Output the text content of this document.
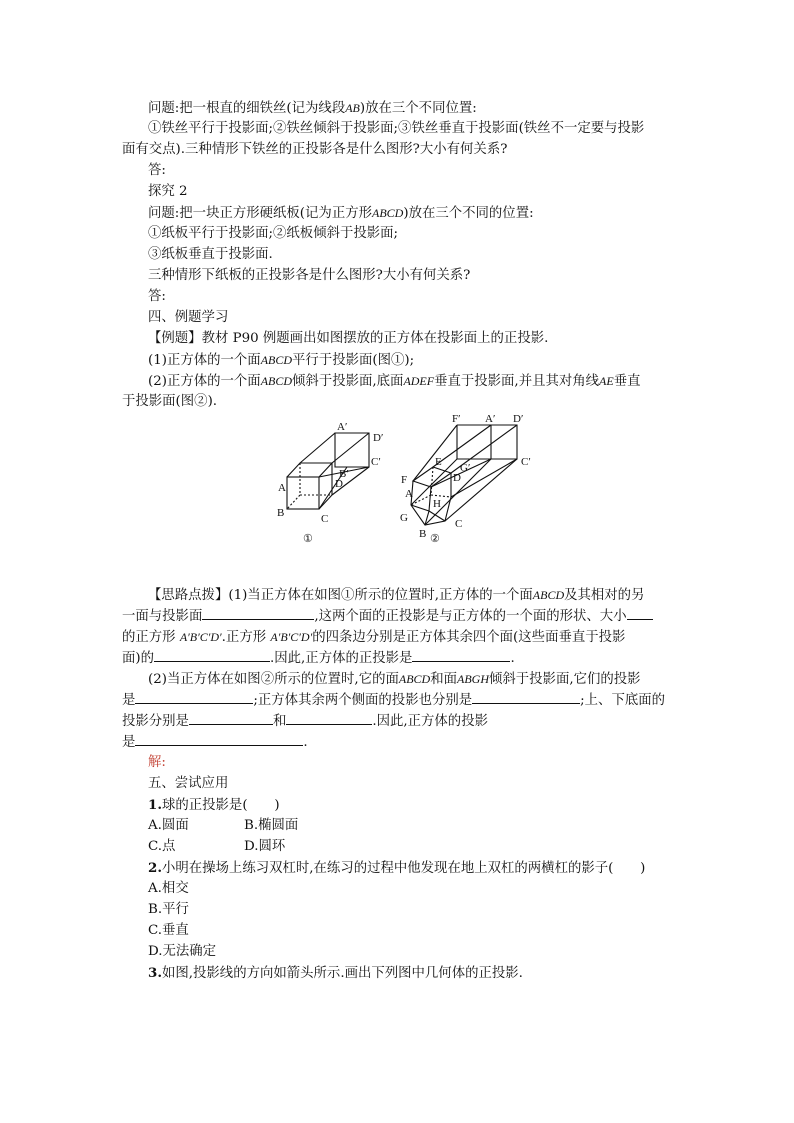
问题:把一根直的细铁丝(记为线段AB)放在三个不同位置:
①铁丝平行于投影面;②铁丝倾斜于投影面;③铁丝垂直于投影面(铁丝不一定要与投影
面有交点).三种情形下铁丝的正投影各是什么图形?大小有何关系?
答:
探究 2
问题:把一块正方形硬纸板(记为正方形ABCD)放在三个不同的位置:
①纸板平行于投影面;②纸板倾斜于投影面;
③纸板垂直于投影面.
三种情形下纸板的正投影各是什么图形?大小有何关系?
答:
四、例题学习
【例题】教材 P90 例题画出如图摆放的正方体在投影面上的正投影.
(1)正方体的一个面ABCD平行于投影面(图①);
(2)正方体的一个面ABCD倾斜于投影面,底面ADEF垂直于投影面,并且其对角线AE垂直
于投影面(图②).
A
B	C
D
A′
D′
C′
B′
①
F
E
D
A
H
G
B
C
F′ A′ D′
G′	C′
②
【思路点拨】(1)当正方体在如图①所示的位置时,正方体的一个面ABCD及其相对的另
一面与投影面	,这两个面的正投影是与正方体的一个面的形状、大小
的正方形 A′B′C′D′.正方形 A′B′C′D′的四条边分别是正方体其余四个面(这些面垂直于投影
面)的	.因此,正方体的正投影是	.
(2)当正方体在如图②所示的位置时,它的面ABCD和面ABGH倾斜于投影面,它们的投影
是	;正方体其余两个侧面的投影也分别是	;上、下底面的
投影分别是	和	.因此,正方体的投影
是	.
解:
五、尝试应用
1.球的正投影是(　　)
A.圆面	B.椭圆面
C.点	D.圆环
2.小明在操场上练习双杠时,在练习的过程中他发现在地上双杠的两横杠的影子(　　)
A.相交
B.平行
C.垂直
D.无法确定
3.如图,投影线的方向如箭头所示.画出下列图中几何体的正投影.
